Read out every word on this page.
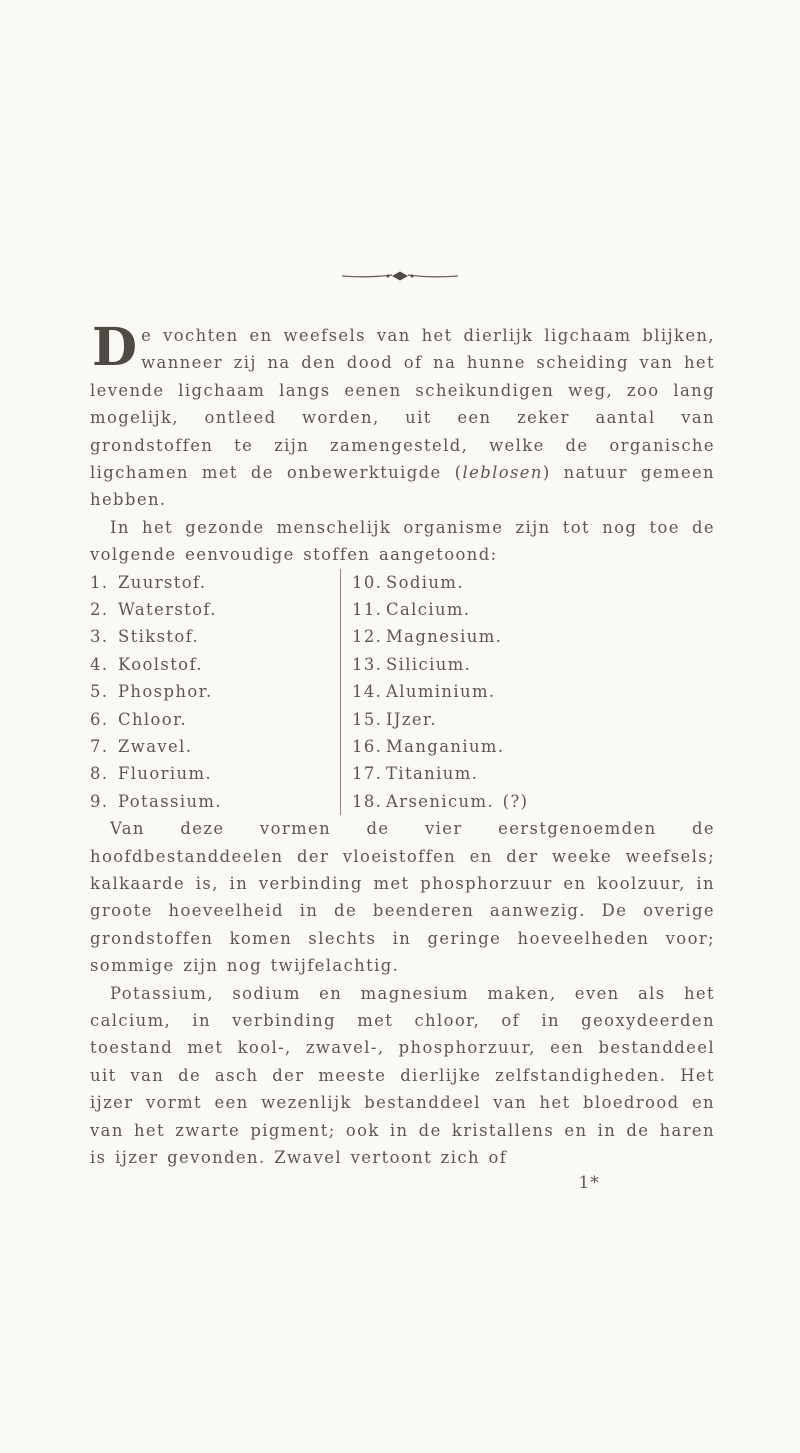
De vochten en weefsels van het dierlijk ligchaam blijken, wanneer zij na den dood of na hunne scheiding van het levende ligchaam langs eenen scheikundigen weg, zoo lang mogelijk, ontleed worden, uit een zeker aantal van grondstoffen te zijn zamengesteld, welke de organische ligchamen met de onbewerktuigde (leblosen) natuur gemeen hebben.

In het gezonde menschelijk organisme zijn tot nog toe de volgende eenvoudige stoffen aangetoond:

1. Zuurstof.
2. Waterstof.
3. Stikstof.
4. Koolstof.
5. Phosphor.
6. Chloor.
7. Zwavel.
8. Fluorium.
9. Potassium.
10. Sodium.
11. Calcium.
12. Magnesium.
13. Silicium.
14. Aluminium.
15. IJzer.
16. Manganium.
17. Titanium.
18. Arsenicum. (?)

Van deze vormen de vier eerstgenoemden de hoofdbestanddeelen der vloeistoffen en der weeke weefsels; kalkaarde is, in verbinding met phosphorzuur en koolzuur, in groote hoeveelheid in de beenderen aanwezig. De overige grondstoffen komen slechts in geringe hoeveelheden voor; sommige zijn nog twijfelachtig.

Potassium, sodium en magnesium maken, even als het calcium, in verbinding met chloor, of in geoxydeerden toestand met kool-, zwavel-, phosphorzuur, een bestanddeel uit van de asch der meeste dierlijke zelfstandigheden. Het ijzer vormt een wezenlijk bestanddeel van het bloedrood en van het zwarte pigment; ook in de kristallens en in de haren is ijzer gevonden. Zwavel vertoont zich of

1*
